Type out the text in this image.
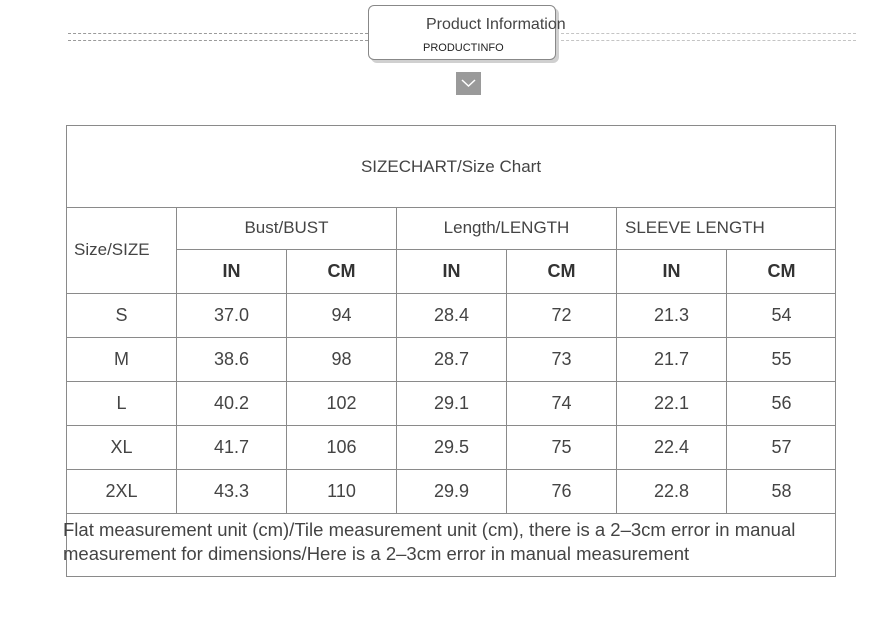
Product Information
PRODUCTINFO
SIZECHART/Size Chart
Size/SIZE
Bust/BUST	Length/LENGTH	SLEEVE LENGTH
IN	CM	IN	CM	IN	CM
S	37.0	94	28.4	72	21.3	54
M	38.6	98	28.7	73	21.7	55
L	40.2	102	29.1	74	22.1	56
XL	41.7	106	29.5	75	22.4	57
2XL	43.3	110	29.9	76	22.8	58
Flat measurement unit (cm)/Tile measurement unit (cm), there is a 2–3cm error in manual measurement for dimensions/Here is a 2–3cm error in manual measurement
